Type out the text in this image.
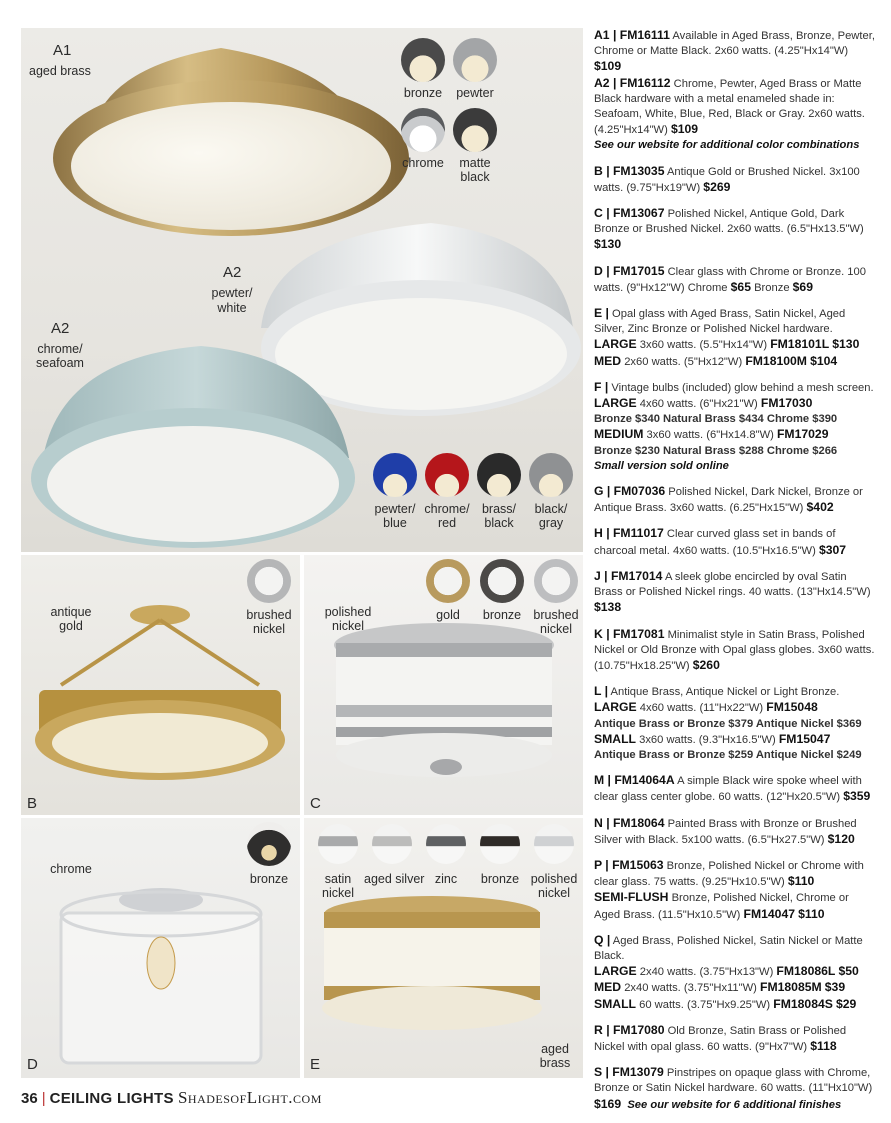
A1
aged brass
A2
pewter/
white
A2
chrome/
seafoam
bronze	pewter
chrome	matte
black
pewter/
blue
chrome/
red
brass/
black
black/
gray
antique
gold
brushed
nickel
B
polished
nickel
gold	bronze brushed
nickel
C
chrome
bronze
D
satin
nickel
aged silver zinc	bronze polished
nickel
aged
brass
E
A1 | FM16111 Available in Aged Brass, Bronze, Pewter, Chrome or Matte Black. 2x60 watts. (4.25"Hx14"W) $109
A2 | FM16112 Chrome, Pewter, Aged Brass or Matte Black hardware with a metal enameled shade in: Seafoam, White, Blue, Red, Black or Gray. 2x60 watts. (4.25"Hx14"W) $109
See our website for additional color combinations
B | FM13035 Antique Gold or Brushed Nickel. 3x100 watts. (9.75"Hx19"W) $269
C | FM13067 Polished Nickel, Antique Gold, Dark Bronze or Brushed Nickel. 2x60 watts. (6.5"Hx13.5"W) $130
D | FM17015 Clear glass with Chrome or Bronze. 100 watts. (9"Hx12"W) Chrome $65 Bronze $69
E | Opal glass with Aged Brass, Satin Nickel, Aged Silver, Zinc Bronze or Polished Nickel hardware.
LARGE 3x60 watts. (5.5"Hx14"W) FM18101L $130
MED 2x60 watts. (5"Hx12"W) FM18100M $104
F | Vintage bulbs (included) glow behind a mesh screen.
LARGE 4x60 watts. (6"Hx21"W) FM17030
Bronze $340 Natural Brass $434 Chrome $390
MEDIUM 3x60 watts. (6"Hx14.8"W) FM17029
Bronze $230 Natural Brass $288 Chrome $266
Small version sold online
G | FM07036 Polished Nickel, Dark Nickel, Bronze or Antique Brass. 3x60 watts. (6.25"Hx15"W) $402
H | FM11017 Clear curved glass set in bands of charcoal metal. 4x60 watts. (10.5"Hx16.5"W) $307
J | FM17014 A sleek globe encircled by oval Satin Brass or Polished Nickel rings. 40 watts. (13"Hx14.5"W) $138
K | FM17081 Minimalist style in Satin Brass, Polished Nickel or Old Bronze with Opal glass globes. 3x60 watts. (10.75"Hx18.25"W) $260
L | Antique Brass, Antique Nickel or Light Bronze.
LARGE 4x60 watts. (11"Hx22"W) FM15048
Antique Brass or Bronze $379 Antique Nickel $369
SMALL 3x60 watts. (9.3"Hx16.5"W) FM15047
Antique Brass or Bronze $259 Antique Nickel $249
M | FM14064A A simple Black wire spoke wheel with clear glass center globe. 60 watts. (12"Hx20.5"W) $359
N | FM18064 Painted Brass with Bronze or Brushed Silver with Black. 5x100 watts. (6.5"Hx27.5"W) $120
P | FM15063 Bronze, Polished Nickel or Chrome with clear glass. 75 watts. (9.25"Hx10.5"W) $110
SEMI-FLUSH Bronze, Polished Nickel, Chrome or Aged Brass. (11.5"Hx10.5"W) FM14047 $110
Q | Aged Brass, Polished Nickel, Satin Nickel or Matte Black.
LARGE 2x40 watts. (3.75"Hx13"W) FM18086L $50
MED 2x40 watts. (3.75"Hx11"W) FM18085M $39
SMALL 60 watts. (3.75"Hx9.25"W) FM18084S $29
R | FM17080 Old Bronze, Satin Brass or Polished Nickel with opal glass. 60 watts. (9"Hx7"W) $118
S | FM13079 Pinstripes on opaque glass with Chrome, Bronze or Satin Nickel hardware. 60 watts. (11"Hx10"W) $169 See our website for 6 additional finishes
36 | CEILING LIGHTS ShadesofLight.com
